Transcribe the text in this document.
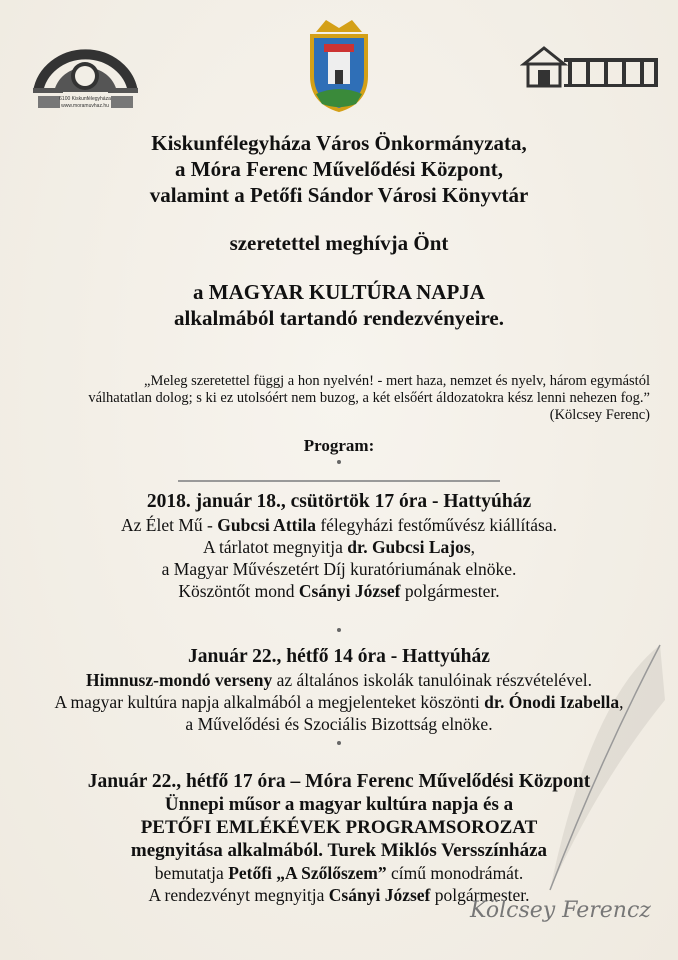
6100 Kiskunfélegyháza
www.moramuvhaz.hu
Kiskunfélegyháza Város Önkormányzata,
a Móra Ferenc Művelődési Központ,
valamint a Petőfi Sándor Városi Könyvtár
szeretettel meghívja Önt
a MAGYAR KULTÚRA NAPJA
alkalmából tartandó rendezvényeire.
„Meleg szeretettel függj a hon nyelvén! - mert haza, nemzet és nyelv, három egymástól
válhatatlan dolog; s ki ez utolsóért nem buzog, a két elsőért áldozatokra kész lenni nehezen fog.”
(Kölcsey Ferenc)
Program:
2018. január 18., csütörtök 17 óra - Hattyúház
Az Élet Mű - Gubcsi Attila félegyházi festőművész kiállítása.
A tárlatot megnyitja dr. Gubcsi Lajos,
a Magyar Művészetért Díj kuratóriumának elnöke.
Köszöntőt mond Csányi József polgármester.
Január 22., hétfő 14 óra - Hattyúház
Himnusz-mondó verseny az általános iskolák tanulóinak részvételével.
A magyar kultúra napja alkalmából a megjelenteket köszönti dr. Ónodi Izabella,
a Művelődési és Szociális Bizottság elnöke.
Január 22., hétfő 17 óra – Móra Ferenc Művelődési Központ
Ünnepi műsor a magyar kultúra napja és a
PETŐFI EMLÉKÉVEK PROGRAMSOROZAT
megnyitása alkalmából. Turek Miklós Versszínháza
bemutatja Petőfi „A Szőlőszem” című monodrámát.
A rendezvényt megnyitja Csányi József polgármester.
Kölcsey Ferencz
